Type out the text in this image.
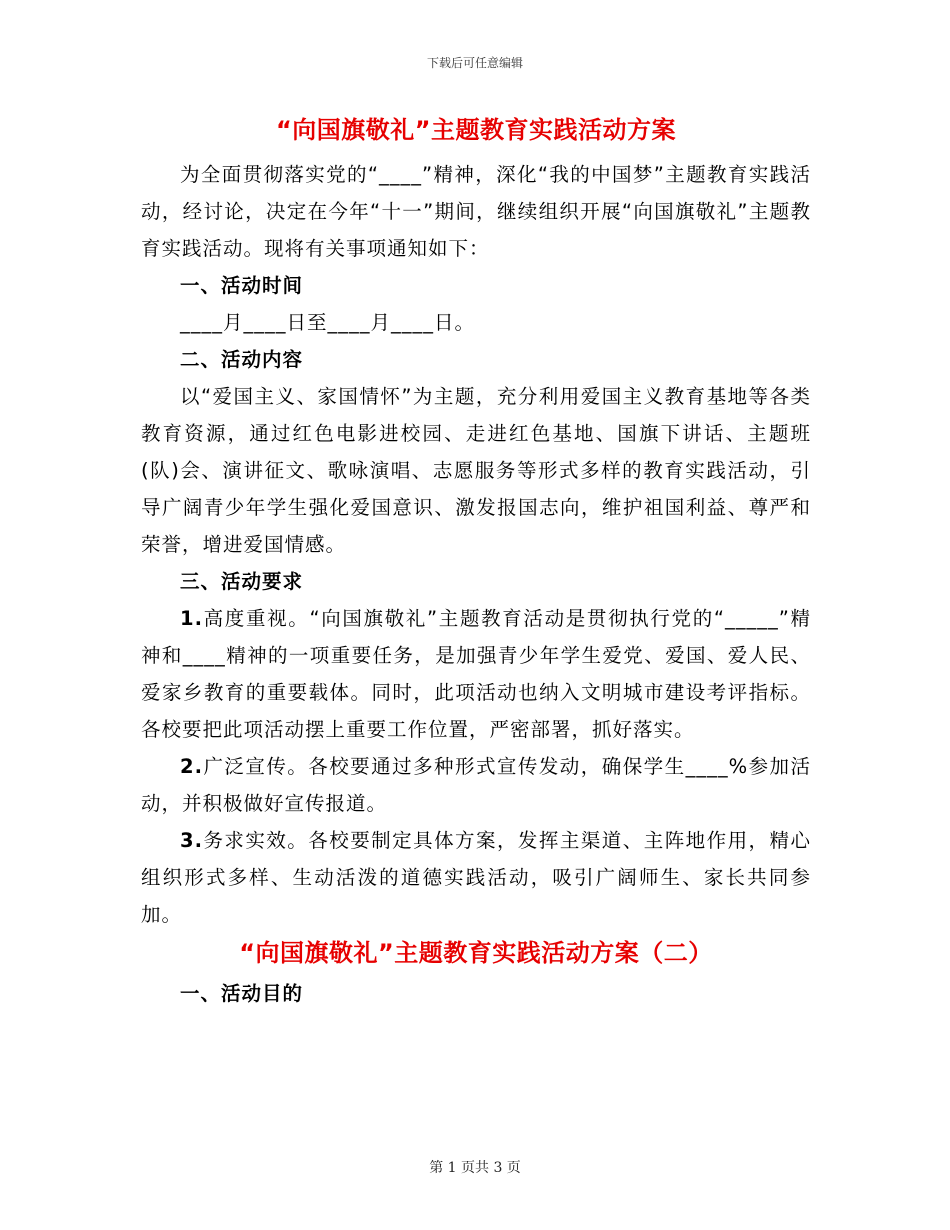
下载后可任意编辑
“向国旗敬礼”主题教育实践活动方案

为全面贯彻落实党的“____”精神，深化“我的中国梦”主题教育实践活动，经讨论，决定在今年“十一”期间，继续组织开展“向国旗敬礼”主题教育实践活动。现将有关事项通知如下：

一、活动时间

____月____日至____月____日。

二、活动内容

以“爱国主义、家国情怀”为主题，充分利用爱国主义教育基地等各类教育资源，通过红色电影进校园、走进红色基地、国旗下讲话、主题班(队)会、演讲征文、歌咏演唱、志愿服务等形式多样的教育实践活动，引导广阔青少年学生强化爱国意识、激发报国志向，维护祖国利益、尊严和荣誉，增进爱国情感。

三、活动要求

1.高度重视。“向国旗敬礼”主题教育活动是贯彻执行党的“_____”精神和____精神的一项重要任务，是加强青少年学生爱党、爱国、爱人民、爱家乡教育的重要载体。同时，此项活动也纳入文明城市建设考评指标。各校要把此项活动摆上重要工作位置，严密部署，抓好落实。

2.广泛宣传。各校要通过多种形式宣传发动，确保学生____%参加活动，并积极做好宣传报道。

3.务求实效。各校要制定具体方案，发挥主渠道、主阵地作用，精心组织形式多样、生动活泼的道德实践活动，吸引广阔师生、家长共同参加。

“向国旗敬礼”主题教育实践活动方案（二）
一、活动目的
第 1 页共 3 页
